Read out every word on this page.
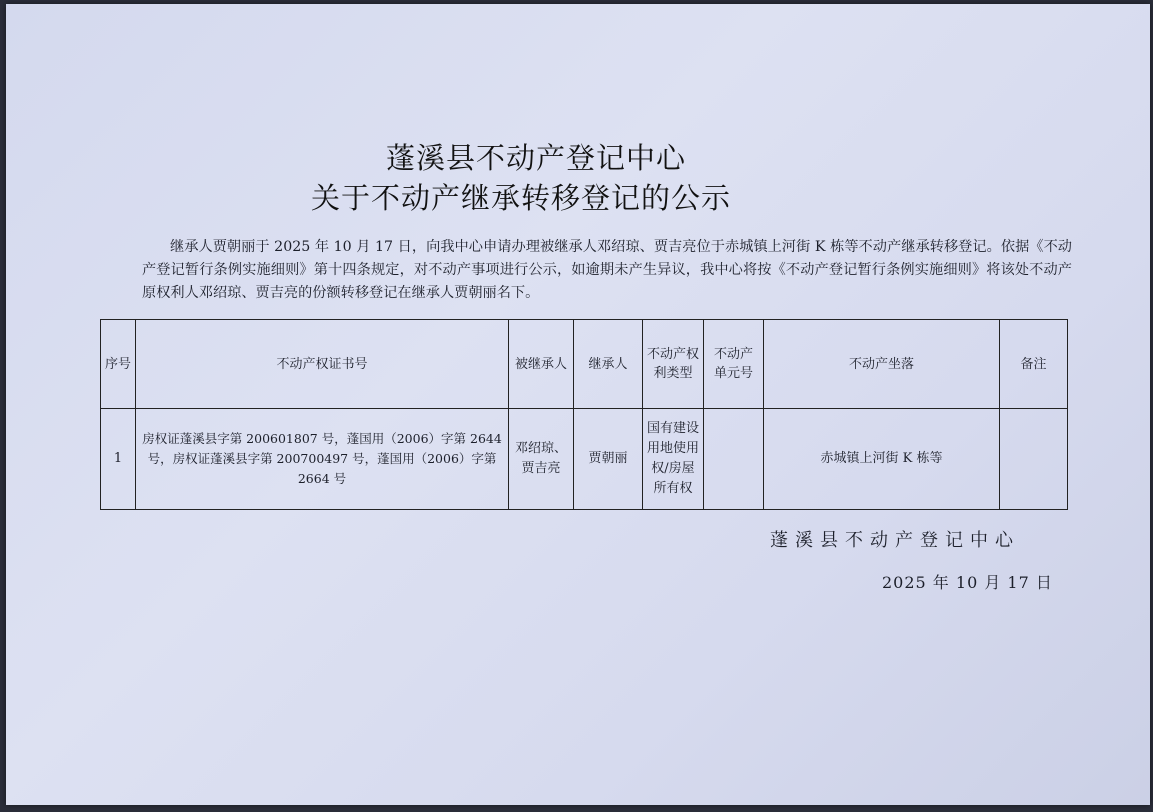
蓬溪县不动产登记中心
关于不动产继承转移登记的公示
继承人贾朝丽于 2025 年 10 月 17 日，向我中心申请办理被继承人邓绍琼、贾吉亮位于赤城镇上河街 K 栋等不动产继承转移登记。依据《不动产登记暂行条例实施细则》第十四条规定，对不动产事项进行公示，如逾期未产生异议，我中心将按《不动产登记暂行条例实施细则》将该处不动产原权利人邓绍琼、贾吉亮的份额转移登记在继承人贾朝丽名下。
序号	不动产权证书号	被继承人	继承人	不动产权利类型	不动产单元号	不动产坐落	备注
1	房权证蓬溪县字第 200601807 号，蓬国用（2006）字第 2644 号，房权证蓬溪县字第 200700497 号，蓬国用（2006）字第 2664 号	邓绍琼、贾吉亮	贾朝丽	国有建设用地使用权/房屋所有权		赤城镇上河街 K 栋等	
蓬溪县不动产登记中心
2025 年 10 月 17 日
